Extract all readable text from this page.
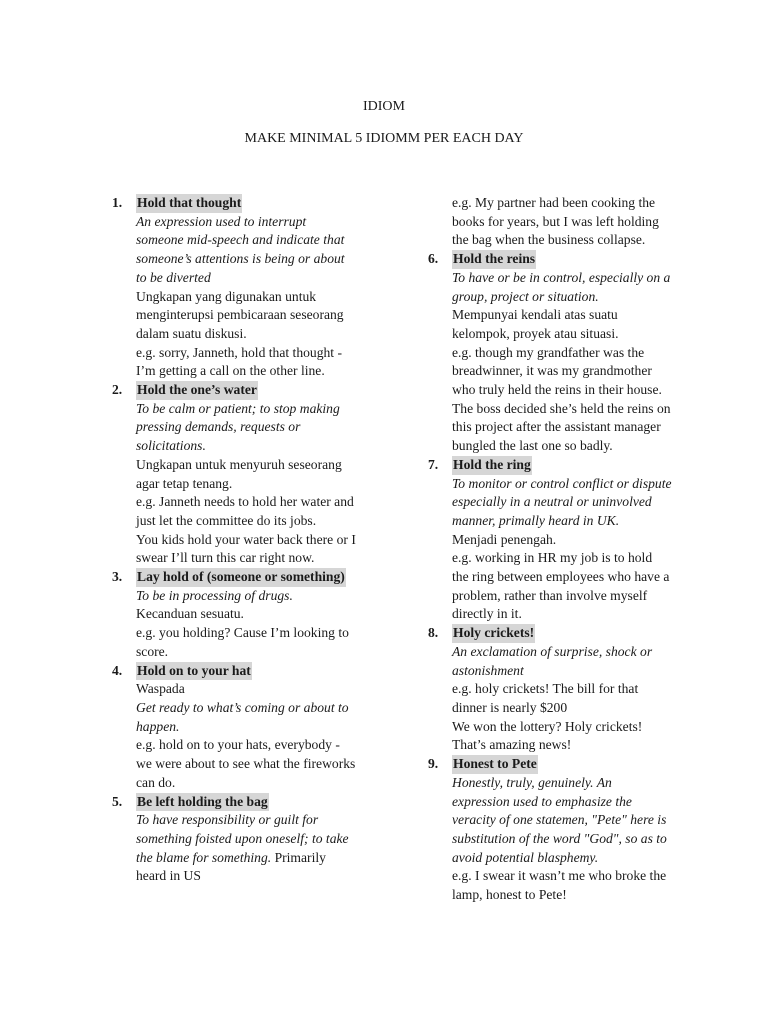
IDIOM
MAKE MINIMAL 5 IDIOMM PER EACH DAY
1.	Hold that thought
An expression used to interrupt
someone mid-speech and indicate that
someone’s attentions is being or about
to be diverted
Ungkapan yang digunakan untuk
menginterupsi pembicaraan seseorang
dalam suatu diskusi.
e.g. sorry, Janneth, hold that thought -
I’m getting a call on the other line.
2.	Hold the one’s water
To be calm or patient; to stop making
pressing demands, requests or
solicitations.
Ungkapan untuk menyuruh seseorang
agar tetap tenang.
e.g. Janneth needs to hold her water and
just let the committee do its jobs.
You kids hold your water back there or I
swear I’ll turn this car right now.
3.	Lay hold of (someone or something)
To be in processing of drugs.
Kecanduan sesuatu.
e.g. you holding? Cause I’m looking to
score.
4.	Hold on to your hat
Waspada
Get ready to what’s coming or about to
happen.
e.g. hold on to your hats, everybody -
we were about to see what the fireworks
can do.
5.	Be left holding the bag
To have responsibility or guilt for
something foisted upon oneself; to take
the blame for something. Primarily
heard in US
e.g. My partner had been cooking the
books for years, but I was left holding
the bag when the business collapse.
6.	Hold the reins
To have or be in control, especially on a
group, project or situation.
Mempunyai kendali atas suatu
kelompok, proyek atau situasi.
e.g. though my grandfather was the
breadwinner, it was my grandmother
who truly held the reins in their house.
The boss decided she’s held the reins on
this project after the assistant manager
bungled the last one so badly.
7.	Hold the ring
To monitor or control conflict or dispute
especially in a neutral or uninvolved
manner, primally heard in UK.
Menjadi penengah.
e.g. working in HR my job is to hold
the ring between employees who have a
problem, rather than involve myself
directly in it.
8.	Holy crickets!
An exclamation of surprise, shock or
astonishment
e.g. holy crickets! The bill for that
dinner is nearly $200
We won the lottery? Holy crickets!
That’s amazing news!
9.	Honest to Pete
Honestly, truly, genuinely. An
expression used to emphasize the
veracity of one statemen, "Pete" here is
substitution of the word "God", so as to
avoid potential blasphemy.
e.g. I swear it wasn’t me who broke the
lamp, honest to Pete!
